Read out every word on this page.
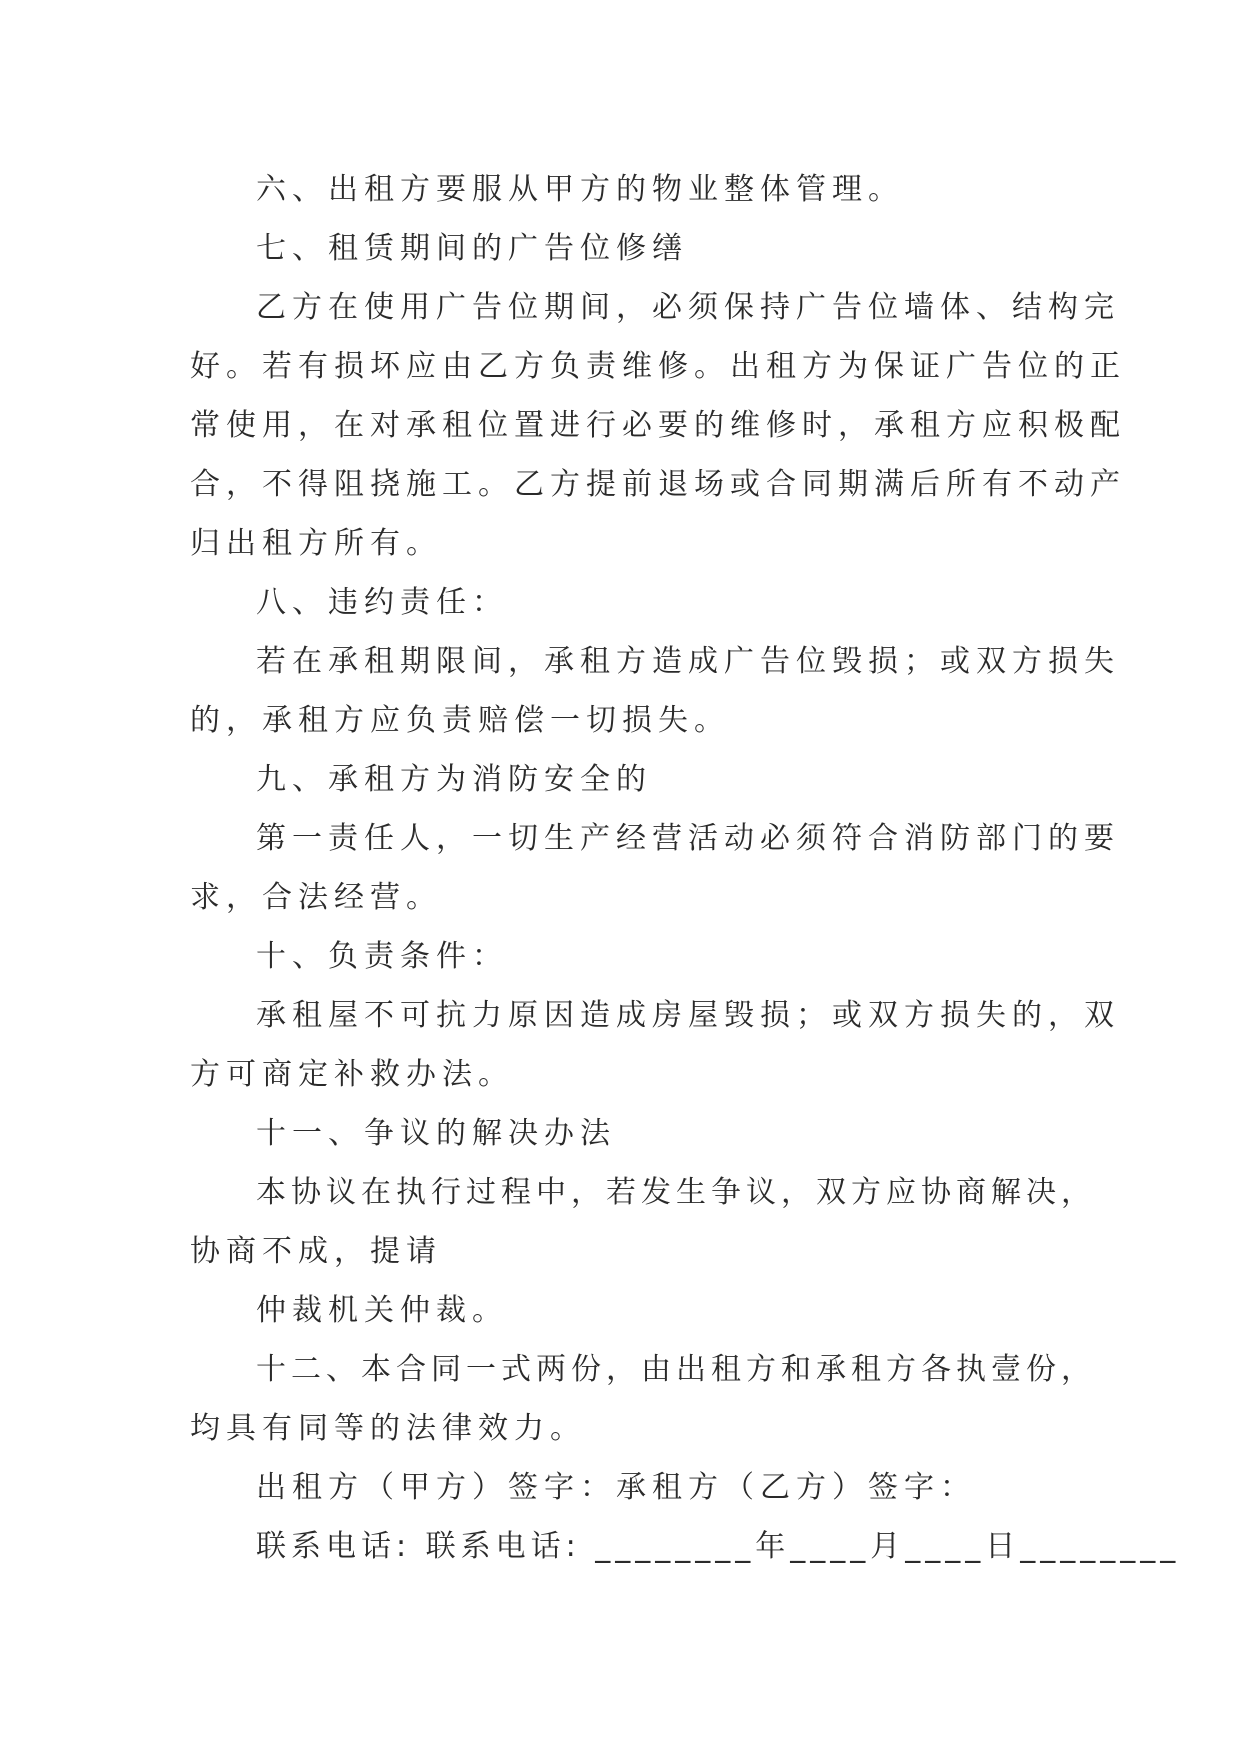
六、出租方要服从甲方的物业整体管理。
七、租赁期间的广告位修缮
乙方在使用广告位期间，必须保持广告位墙体、结构完
好。若有损坏应由乙方负责维修。出租方为保证广告位的正
常使用，在对承租位置进行必要的维修时，承租方应积极配
合，不得阻挠施工。乙方提前退场或合同期满后所有不动产
归出租方所有。
八、违约责任：
若在承租期限间，承租方造成广告位毁损；或双方损失
的，承租方应负责赔偿一切损失。
九、承租方为消防安全的
第一责任人，一切生产经营活动必须符合消防部门的要
求，合法经营。
十、负责条件：
承租屋不可抗力原因造成房屋毁损；或双方损失的，双
方可商定补救办法。
十一、争议的解决办法
本协议在执行过程中，若发生争议，双方应协商解决，
协商不成，提请
仲裁机关仲裁。
十二、本合同一式两份，由出租方和承租方各执壹份，
均具有同等的法律效力。
出租方（甲方）签字：承租方（乙方）签字：
联系电话: 联系电话: ________年____月____日________
